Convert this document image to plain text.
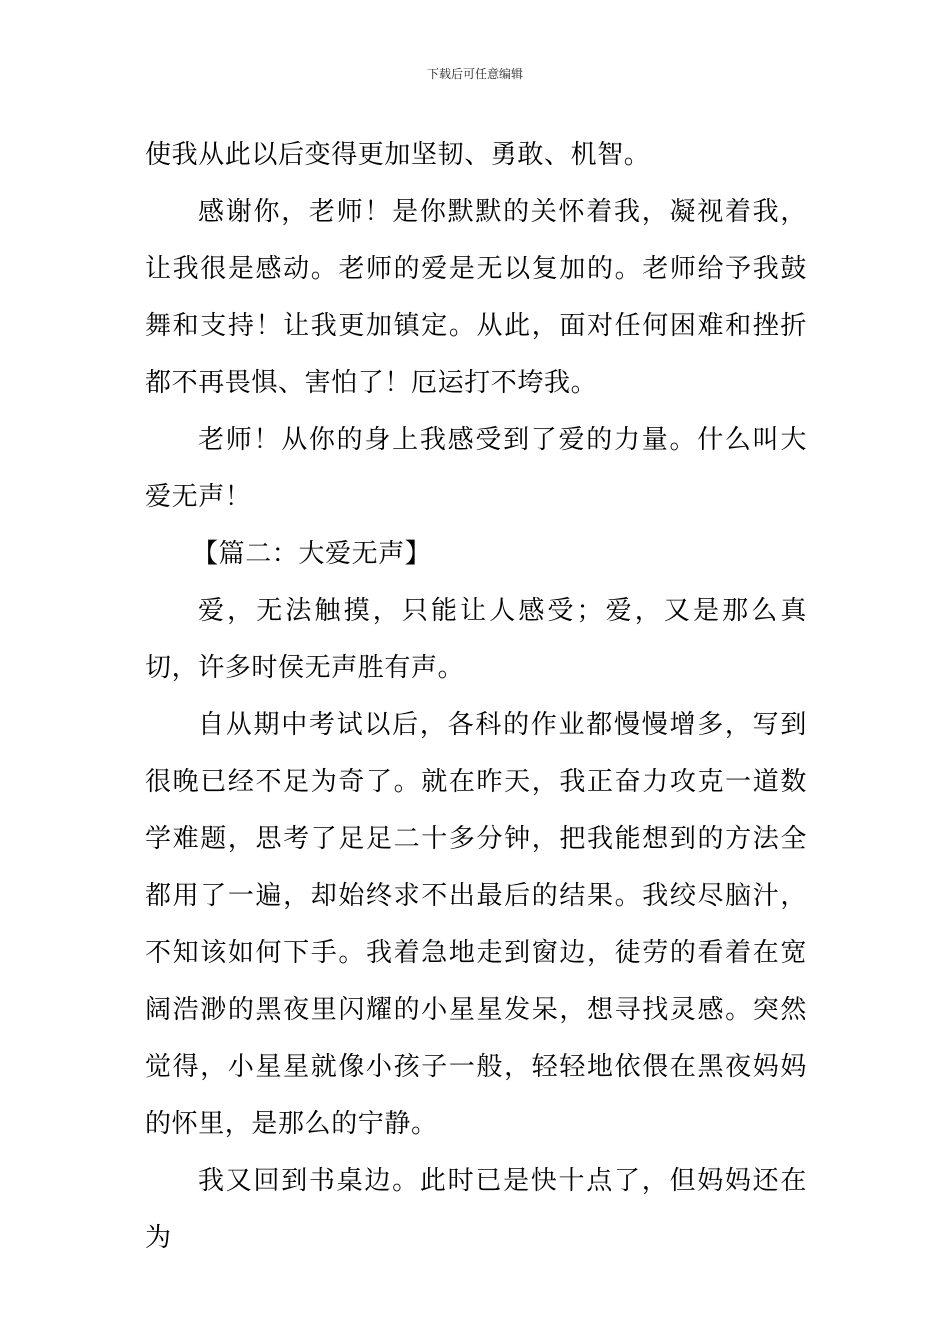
下载后可任意编辑

使我从此以后变得更加坚韧、勇敢、机智。

感谢你，老师！是你默默的关怀着我，凝视着我，让我很是感动。老师的爱是无以复加的。老师给予我鼓舞和支持！让我更加镇定。从此，面对任何困难和挫折都不再畏惧、害怕了！厄运打不垮我。

老师！从你的身上我感受到了爱的力量。什么叫大爱无声！

【篇二：大爱无声】

爱，无法触摸，只能让人感受；爱，又是那么真切，许多时侯无声胜有声。

自从期中考试以后，各科的作业都慢慢增多，写到很晚已经不足为奇了。就在昨天，我正奋力攻克一道数学难题，思考了足足二十多分钟，把我能想到的方法全都用了一遍，却始终求不出最后的结果。我绞尽脑汁，不知该如何下手。我着急地走到窗边，徒劳的看着在宽阔浩渺的黑夜里闪耀的小星星发呆，想寻找灵感。突然觉得，小星星就像小孩子一般，轻轻地依偎在黑夜妈妈的怀里，是那么的宁静。

我又回到书桌边。此时已是快十点了，但妈妈还在为
